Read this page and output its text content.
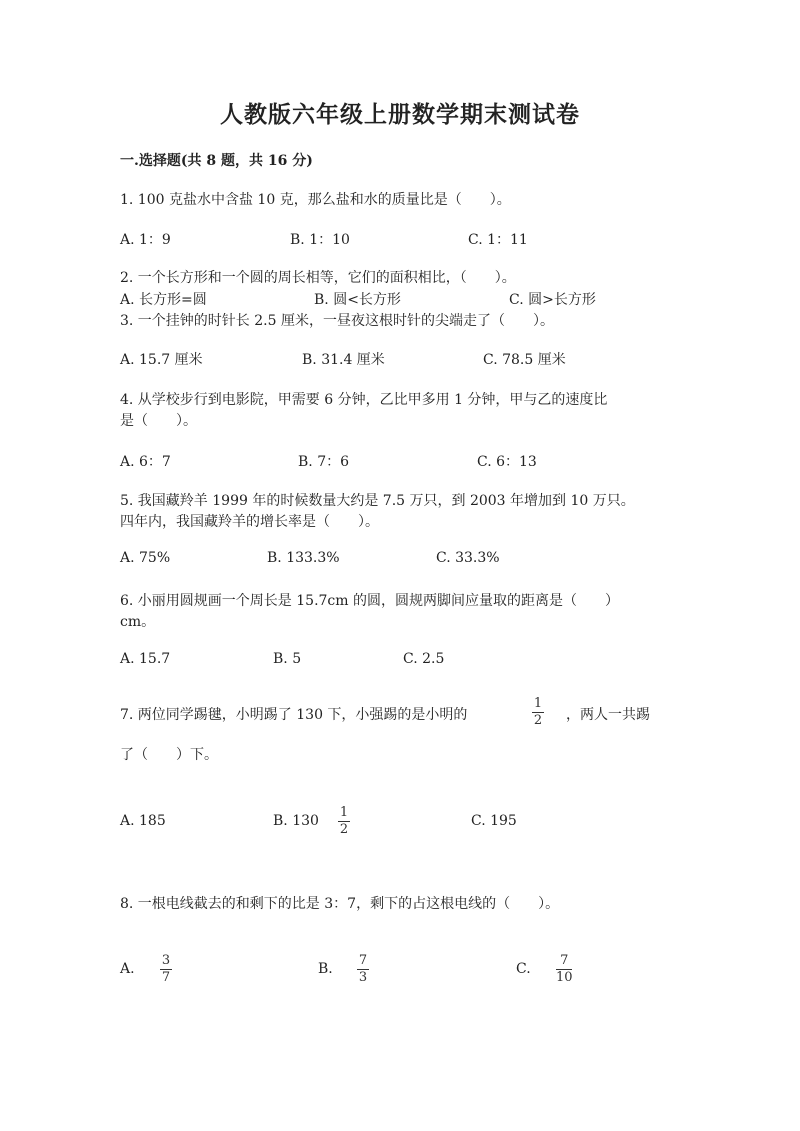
人教版六年级上册数学期末测试卷
一.选择题(共 8 题，共 16 分)
1. 100 克盐水中含盐 10 克，那么盐和水的质量比是（　　）。
A. 1：9	B. 1：10	C. 1：11
2. 一个长方形和一个圆的周长相等，它们的面积相比，（　　）。
A. 长方形=圆	B. 圆<长方形	C. 圆>长方形
3. 一个挂钟的时针长 2.5 厘米，一昼夜这根时针的尖端走了（　　）。
A. 15.7 厘米	B. 31.4 厘米	C. 78.5 厘米
4. 从学校步行到电影院，甲需要 6 分钟，乙比甲多用 1 分钟，甲与乙的速度比
是（　　）。
A. 6：7	B. 7：6	C. 6：13
5. 我国藏羚羊 1999 年的时候数量大约是 7.5 万只，到 2003 年增加到 10 万只。
四年内，我国藏羚羊的增长率是（　　）。
A. 75%	B. 133.3%	C. 33.3%
6. 小丽用圆规画一个周长是 15.7cm 的圆，圆规两脚间应量取的距离是（　　）
cm。
A. 15.7	B. 5	C. 2.5
7. 两位同学踢毽，小明踢了 130 下，小强踢的是小明的
1
2 ，两人一共踢
了（　　）下。
A. 185	B. 130
1
2
C. 195
8. 一根电线截去的和剩下的比是 3：7，剩下的占这根电线的（　　）。
A.
3
7
B.
7
3
C.
7
10
